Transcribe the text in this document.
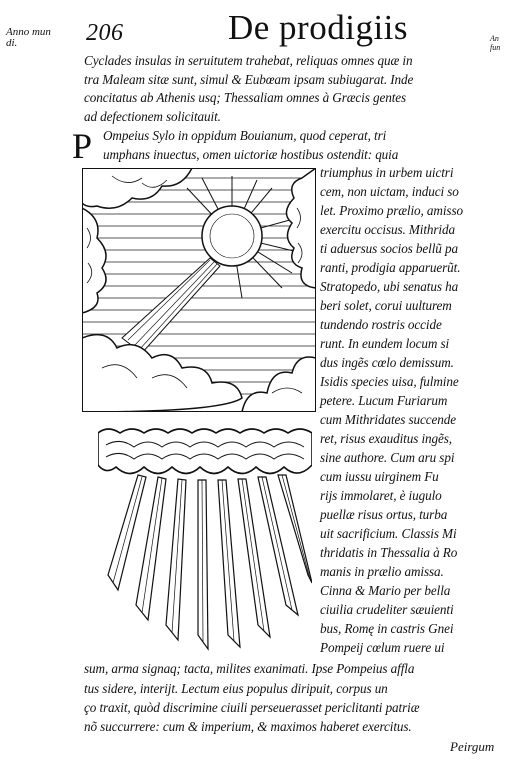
Anno mun
di.	206	De prodigiis	An
fun
Cyclades insulas in seruitutem trahebat, reliquas omnes quæ in
tra Maleam sitæ sunt, simul & Eubœam ipsam subiugarat. Inde
concitatus ab Athenis usq; Thessaliam omnes à Græcis gentes
ad defectionem solicitauit.
P Ompeius Sylo in oppidum Bouianum, quod ceperat, tri
umphans inuectus, omen uictoriæ hostibus ostendit: quia
triumphus in urbem uictri
cem, non uictam, induci so
let. Proximo prælio, amisso
exercitu occisus. Mithrida
ti aduersus socios bellũ pa
ranti, prodigia apparuerũt.
Stratopedo, ubi senatus ha
beri solet, corui uulturem
tundendo rostris occide
runt. In eundem locum si
dus ingẽs cœlo demissum.
Isidis species uisa, fulmine
petere. Lucum Furiarum
cum Mithridates succende
ret, risus exauditus ingẽs,
sine authore. Cum aru spi
cum iussu uirginem Fu
rijs immolaret, è iugulo
puellæ risus ortus, turba
uit sacrificium. Classis Mi
thridatis in Thessalia à Ro
manis in prælio amissa.
Cinna & Mario per bella
ciuilia crudeliter sæuienti
bus, Romę in castris Gnei
Pompeij cœlum ruere ui
sum, arma signaq; tacta, milites exanimati. Ipse Pompeius afflа
tus sidere, interijt. Lectum eius populus diripuit, corpus un
ço traxit, quòd discrimine ciuili perseuerasset periclitanti patriæ
nõ succurrere: cum & imperium, & maximos haberet exercitus.
Peirgum
